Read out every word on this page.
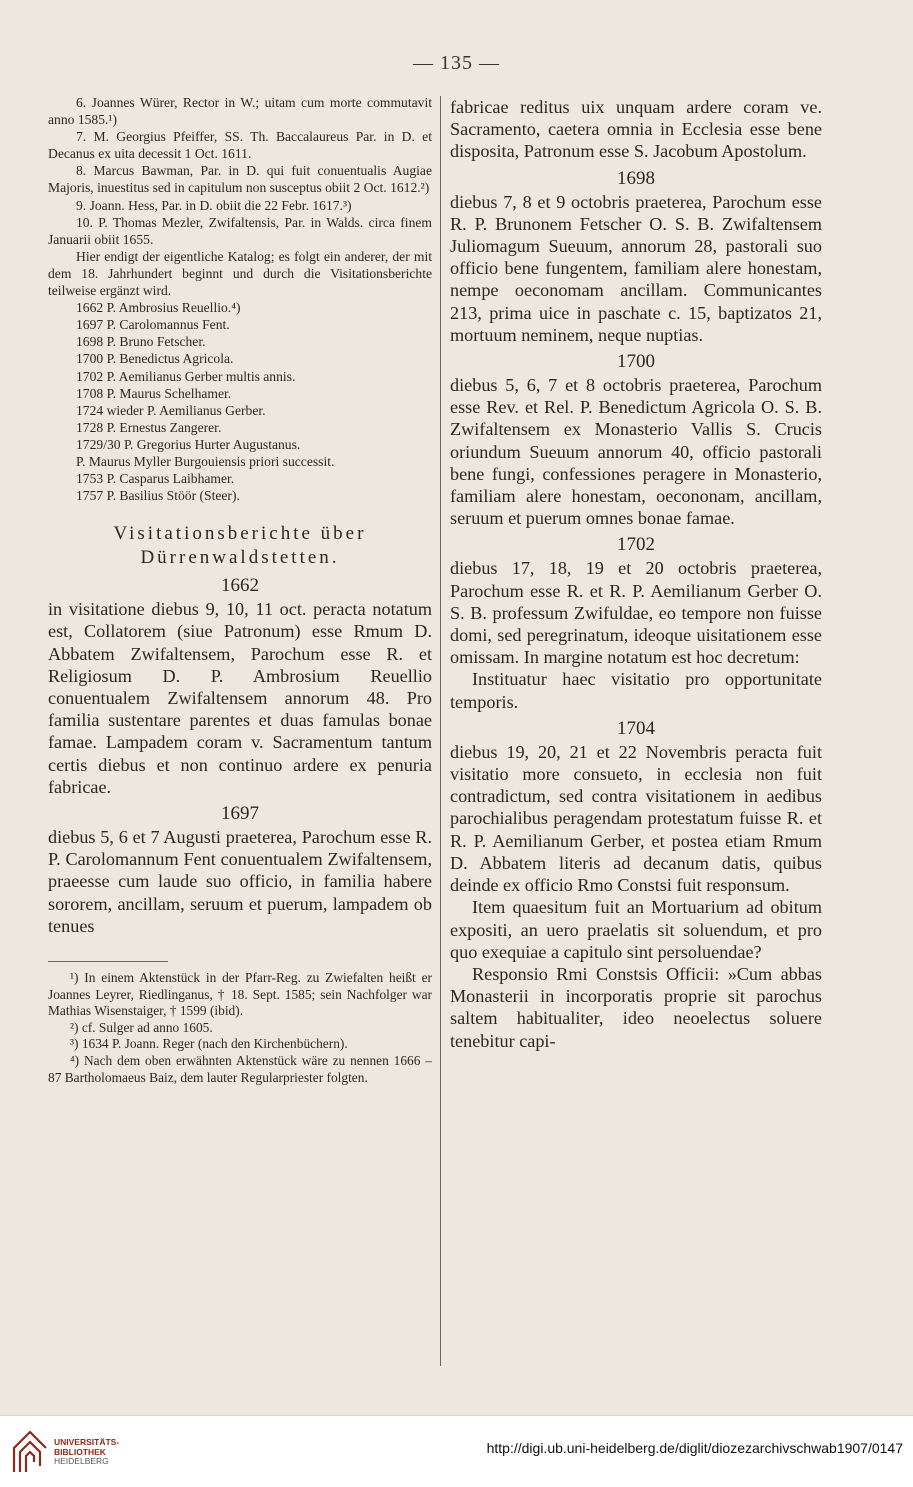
— 135 —

6. Joannes Würer, Rector in W.; uitam cum morte commutavit anno 1585.¹)

7. M. Georgius Pfeiffer, SS. Th. Baccalaureus Par. in D. et Decanus ex uita decessit 1 Oct. 1611.

8. Marcus Bawman, Par. in D. qui fuit conuentualis Augiae Majoris, inuestitus sed in capitulum non susceptus obiit 2 Oct. 1612.²)

9. Joann. Hess, Par. in D. obiit die 22 Febr. 1617.³)

10. P. Thomas Mezler, Zwifaltensis, Par. in Walds. circa finem Januarii obiit 1655.

Hier endigt der eigentliche Katalog; es folgt ein anderer, der mit dem 18. Jahrhundert beginnt und durch die Visitationsberichte teilweise ergänzt wird.

1662 P. Ambrosius Reuellio.⁴)

1697 P. Carolomannus Fent.

1698 P. Bruno Fetscher.

1700 P. Benedictus Agricola.

1702 P. Aemilianus Gerber multis annis.

1708 P. Maurus Schelhamer.

1724 wieder P. Aemilianus Gerber.

1728 P. Ernestus Zangerer.

1729/30 P. Gregorius Hurter Augustanus.

P. Maurus Myller Burgouiensis priori successit.

1753 P. Casparus Laibhamer.

1757 P. Basilius Stöör (Steer).

Visitationsberichte über
Dürrenwaldstetten.
1662

in visitatione diebus 9, 10, 11 oct. peracta notatum est, Collatorem (siue Patronum) esse Rmum D. Abbatem Zwifaltensem, Parochum esse R. et Religiosum D. P. Ambrosium Reuellio conuentualem Zwifaltensem annorum 48. Pro familia sustentare parentes et duas famulas bonae famae. Lampadem coram v. Sacramentum tantum certis diebus et non continuo ardere ex penuria fabricae.

1697

diebus 5, 6 et 7 Augusti praeterea, Parochum esse R. P. Carolomannum Fent conuentualem Zwifaltensem, praeesse cum laude suo officio, in familia habere sororem, ancillam, seruum et puerum, lampadem ob tenues

¹) In einem Aktenstück in der Pfarr-Reg. zu Zwiefalten heißt er Joannes Leyrer, Riedlinganus, † 18. Sept. 1585; sein Nachfolger war Mathias Wisenstaiger, † 1599 (ibid).

²) cf. Sulger ad anno 1605.

³) 1634 P. Joann. Reger (nach den Kirchenbüchern).

⁴) Nach dem oben erwähnten Aktenstück wäre zu nennen 1666 – 87 Bartholomaeus Baiz, dem lauter Regularpriester folgten.

fabricae reditus uix unquam ardere coram ve. Sacramento, caetera omnia in Ecclesia esse bene disposita, Patronum esse S. Jacobum Apostolum.

1698

diebus 7, 8 et 9 octobris praeterea, Parochum esse R. P. Brunonem Fetscher O. S. B. Zwifaltensem Juliomagum Sueuum, annorum 28, pastorali suo officio bene fungentem, familiam alere honestam, nempe oeconomam ancillam. Communicantes 213, prima uice in paschate c. 15, baptizatos 21, mortuum neminem, neque nuptias.

1700

diebus 5, 6, 7 et 8 octobris praeterea, Parochum esse Rev. et Rel. P. Benedictum Agricola O. S. B. Zwifaltensem ex Monasterio Vallis S. Crucis oriundum Sueuum annorum 40, officio pastorali bene fungi, confessiones peragere in Monasterio, familiam alere honestam, oecononam, ancillam, seruum et puerum omnes bonae famae.

1702

diebus 17, 18, 19 et 20 octobris praeterea, Parochum esse R. et R. P. Aemilianum Gerber O. S. B. professum Zwifuldae, eo tempore non fuisse domi, sed peregrinatum, ideoque uisitationem esse omissam. In margine notatum est hoc decretum:

Instituatur haec visitatio pro opportunitate temporis.

1704

diebus 19, 20, 21 et 22 Novembris peracta fuit visitatio more consueto, in ecclesia non fuit contradictum, sed contra visitationem in aedibus parochialibus peragendam protestatum fuisse R. et R. P. Aemilianum Gerber, et postea etiam Rmum D. Abbatem literis ad decanum datis, quibus deinde ex officio Rmo Constsi fuit responsum.

Item quaesitum fuit an Mortuarium ad obitum expositi, an uero praelatis sit soluendum, et pro quo exequiae a capitulo sint persoluendae?

Responsio Rmi Constsis Officii: »Cum abbas Monasterii in incorporatis proprie sit parochus saltem habitualiter, ideo neoelectus soluere tenebitur capi-

UNIVERSITÄTS-
BIBLIOTHEK
HEIDELBERG
http://digi.ub.uni-heidelberg.de/diglit/diozezarchivschwab1907/0147
